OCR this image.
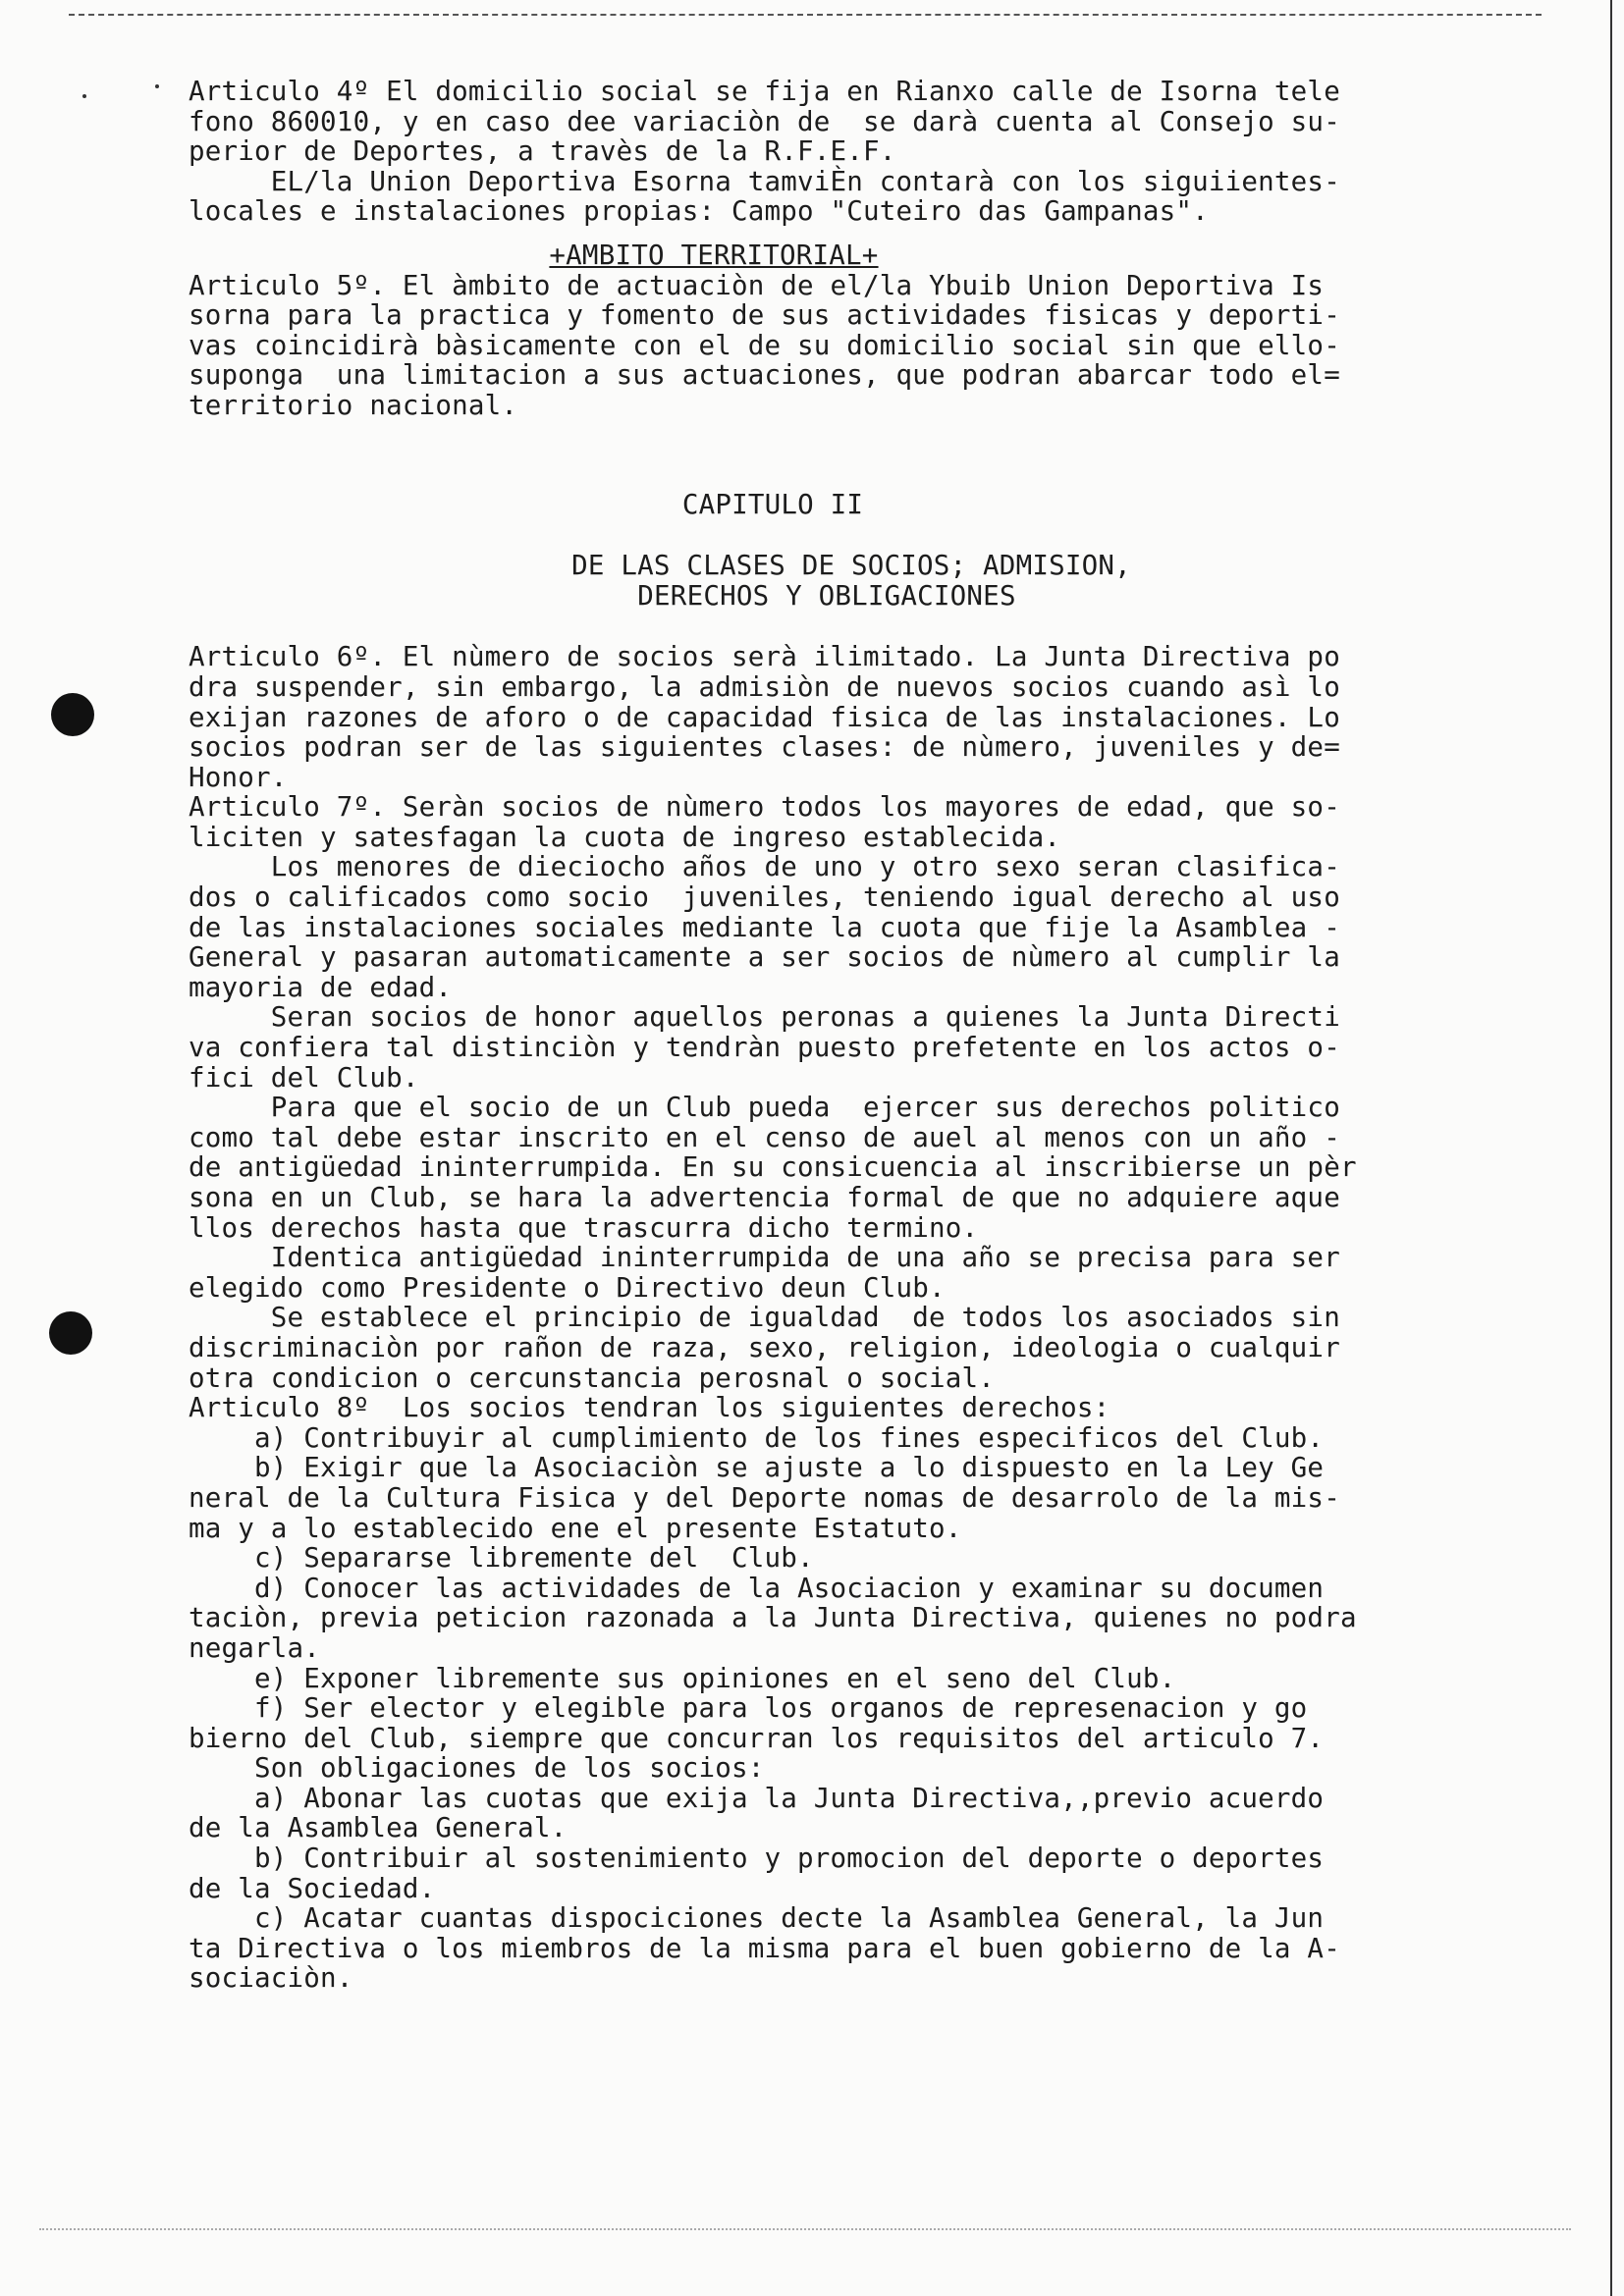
Articulo 4º El domicilio social se fija en Rianxo calle de Isorna tele
fono 860010, y en caso dee variaciòn de  se darà cuenta al Consejo su-
perior de Deportes, a travès de la R.F.E.F.
EL/la Union Deportiva Esorna tamviÈn contarà con los siguiientes-
locales e instalaciones propias: Campo "Cuteiro das Gampanas".
+AMBITO TERRITORIAL+
Articulo 5º. El àmbito de actuaciòn de el/la Ybuib Union Deportiva Is
sorna para la practica y fomento de sus actividades fisicas y deporti-
vas coincidirà bàsicamente con el de su domicilio social sin que ello-
suponga  una limitacion a sus actuaciones, que podran abarcar todo el=
territorio nacional.
CAPITULO II
DE LAS CLASES DE SOCIOS; ADMISION,
DERECHOS Y OBLIGACIONES
Articulo 6º. El nùmero de socios serà ilimitado. La Junta Directiva po
dra suspender, sin embargo, la admisiòn de nuevos socios cuando asì lo
exijan razones de aforo o de capacidad fisica de las instalaciones. Lo
socios podran ser de las siguientes clases: de nùmero, juveniles y de=
Honor.
Articulo 7º. Seràn socios de nùmero todos los mayores de edad, que so-
liciten y satesfagan la cuota de ingreso establecida.
Los menores de dieciocho años de uno y otro sexo seran clasifica-
dos o calificados como socio  juveniles, teniendo igual derecho al uso
de las instalaciones sociales mediante la cuota que fije la Asamblea -
General y pasaran automaticamente a ser socios de nùmero al cumplir la
mayoria de edad.
Seran socios de honor aquellos peronas a quienes la Junta Directi
va confiera tal distinciòn y tendràn puesto prefetente en los actos o-
fici del Club.
Para que el socio de un Club pueda  ejercer sus derechos politico
como tal debe estar inscrito en el censo de auel al menos con un año -
de antigüedad ininterrumpida. En su consicuencia al inscribierse un pèr
sona en un Club, se hara la advertencia formal de que no adquiere aque
llos derechos hasta que trascurra dicho termino.
Identica antigüedad ininterrumpida de una año se precisa para ser
elegido como Presidente o Directivo deun Club.
Se establece el principio de igualdad  de todos los asociados sin
discriminaciòn por rañon de raza, sexo, religion, ideologia o cualquir
otra condicion o cercunstancia perosnal o social.
Articulo 8º  Los socios tendran los siguientes derechos:
a) Contribuyir al cumplimiento de los fines especificos del Club.
b) Exigir que la Asociaciòn se ajuste a lo dispuesto en la Ley Ge
neral de la Cultura Fisica y del Deporte nomas de desarrolo de la mis-
ma y a lo establecido ene el presente Estatuto.
c) Separarse libremente del  Club.
d) Conocer las actividades de la Asociacion y examinar su documen
taciòn, previa peticion razonada a la Junta Directiva, quienes no podra
negarla.
e) Exponer libremente sus opiniones en el seno del Club.
f) Ser elector y elegible para los organos de represenacion y go
bierno del Club, siempre que concurran los requisitos del articulo 7.
Son obligaciones de los socios:
a) Abonar las cuotas que exija la Junta Directiva,,previo acuerdo
de la Asamblea General.
b) Contribuir al sostenimiento y promocion del deporte o deportes
de la Sociedad.
c) Acatar cuantas dispociciones decte la Asamblea General, la Jun
ta Directiva o los miembros de la misma para el buen gobierno de la A-
sociaciòn.
